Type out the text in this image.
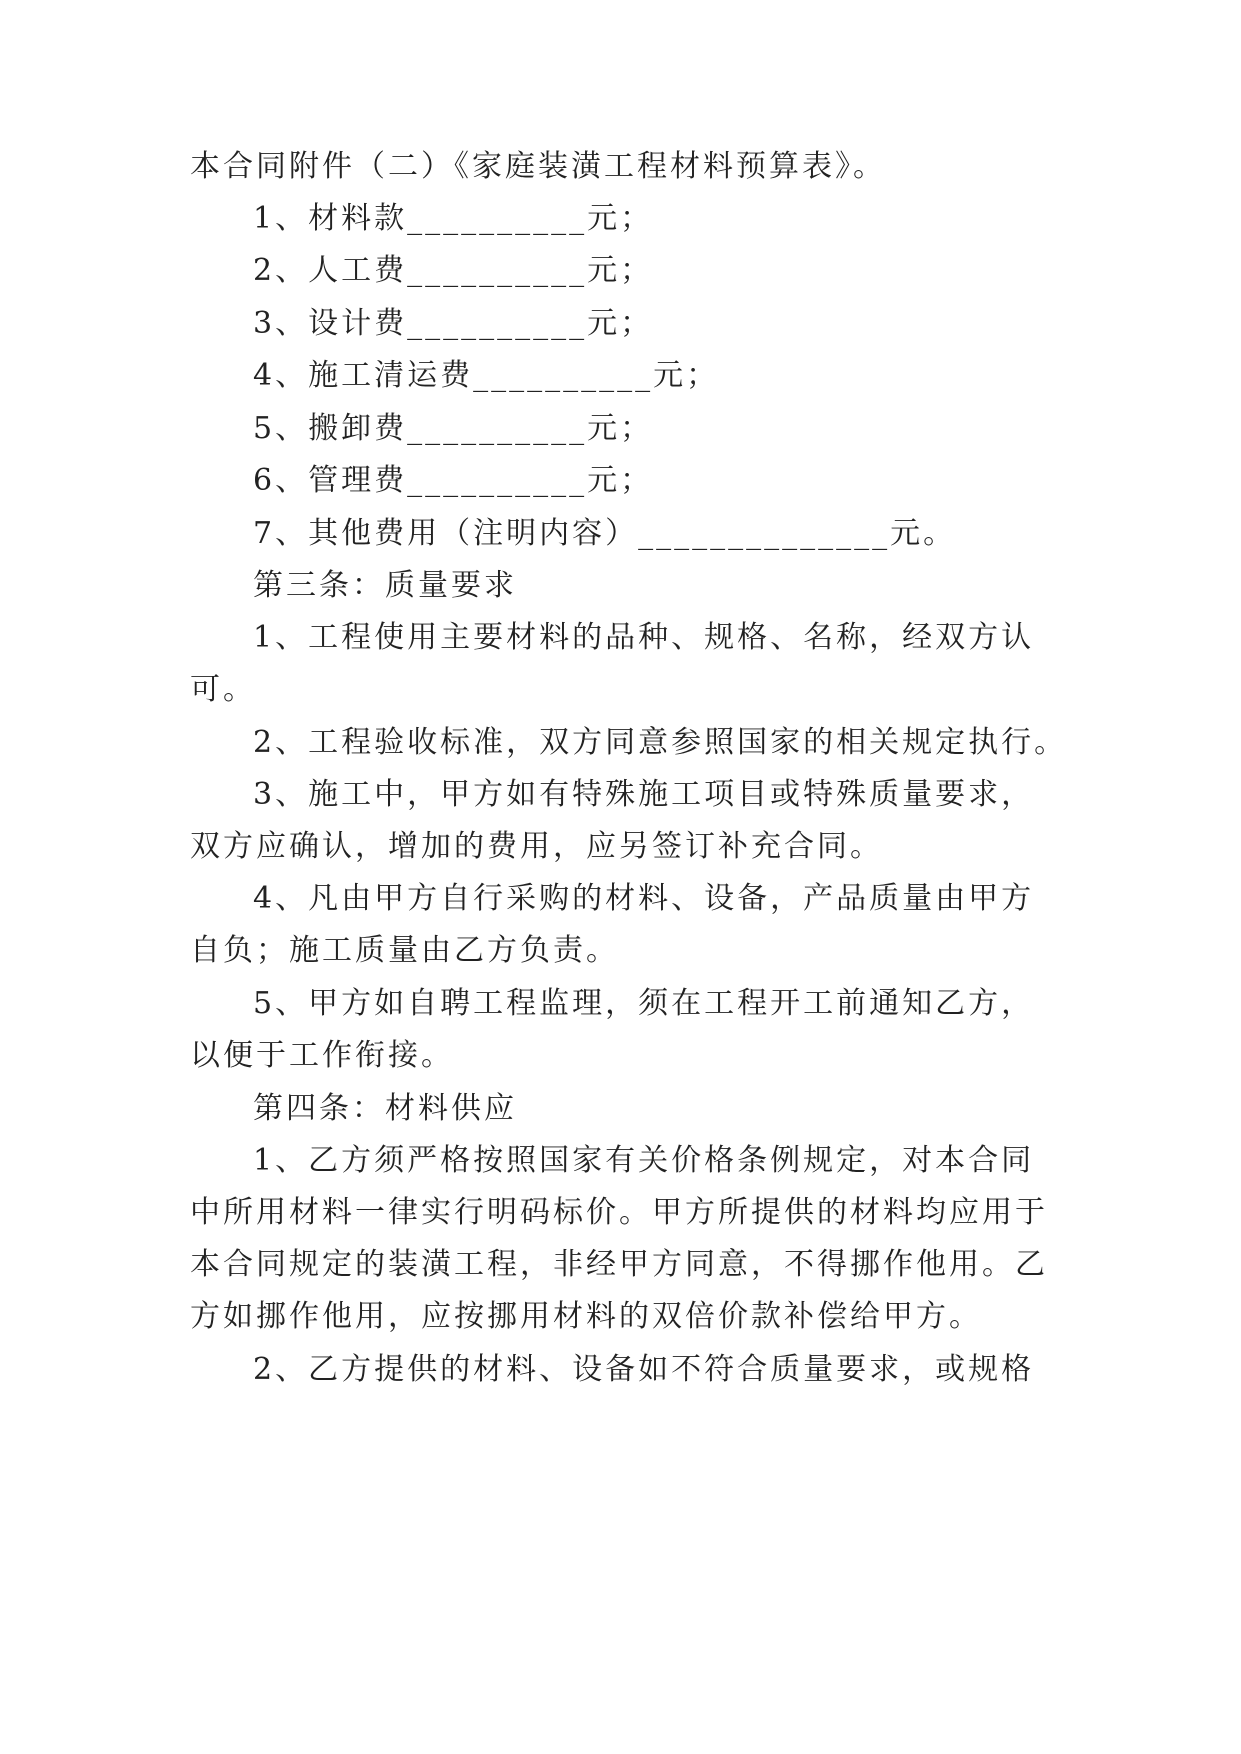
本合同附件（二）《家庭装潢工程材料预算表》。
1、材料款__________元；
2、人工费__________元；
3、设计费__________元；
4、施工清运费__________元；
5、搬卸费__________元；
6、管理费__________元；
7、其他费用（注明内容）______________元。
第三条：质量要求
1、工程使用主要材料的品种、规格、名称，经双方认
可。
2、工程验收标准，双方同意参照国家的相关规定执行。
3、施工中，甲方如有特殊施工项目或特殊质量要求，
双方应确认，增加的费用，应另签订补充合同。
4、凡由甲方自行采购的材料、设备，产品质量由甲方
自负；施工质量由乙方负责。
5、甲方如自聘工程监理，须在工程开工前通知乙方，
以便于工作衔接。
第四条：材料供应
1、乙方须严格按照国家有关价格条例规定，对本合同
中所用材料一律实行明码标价。甲方所提供的材料均应用于
本合同规定的装潢工程，非经甲方同意，不得挪作他用。乙
方如挪作他用，应按挪用材料的双倍价款补偿给甲方。
2、乙方提供的材料、设备如不符合质量要求，或规格
